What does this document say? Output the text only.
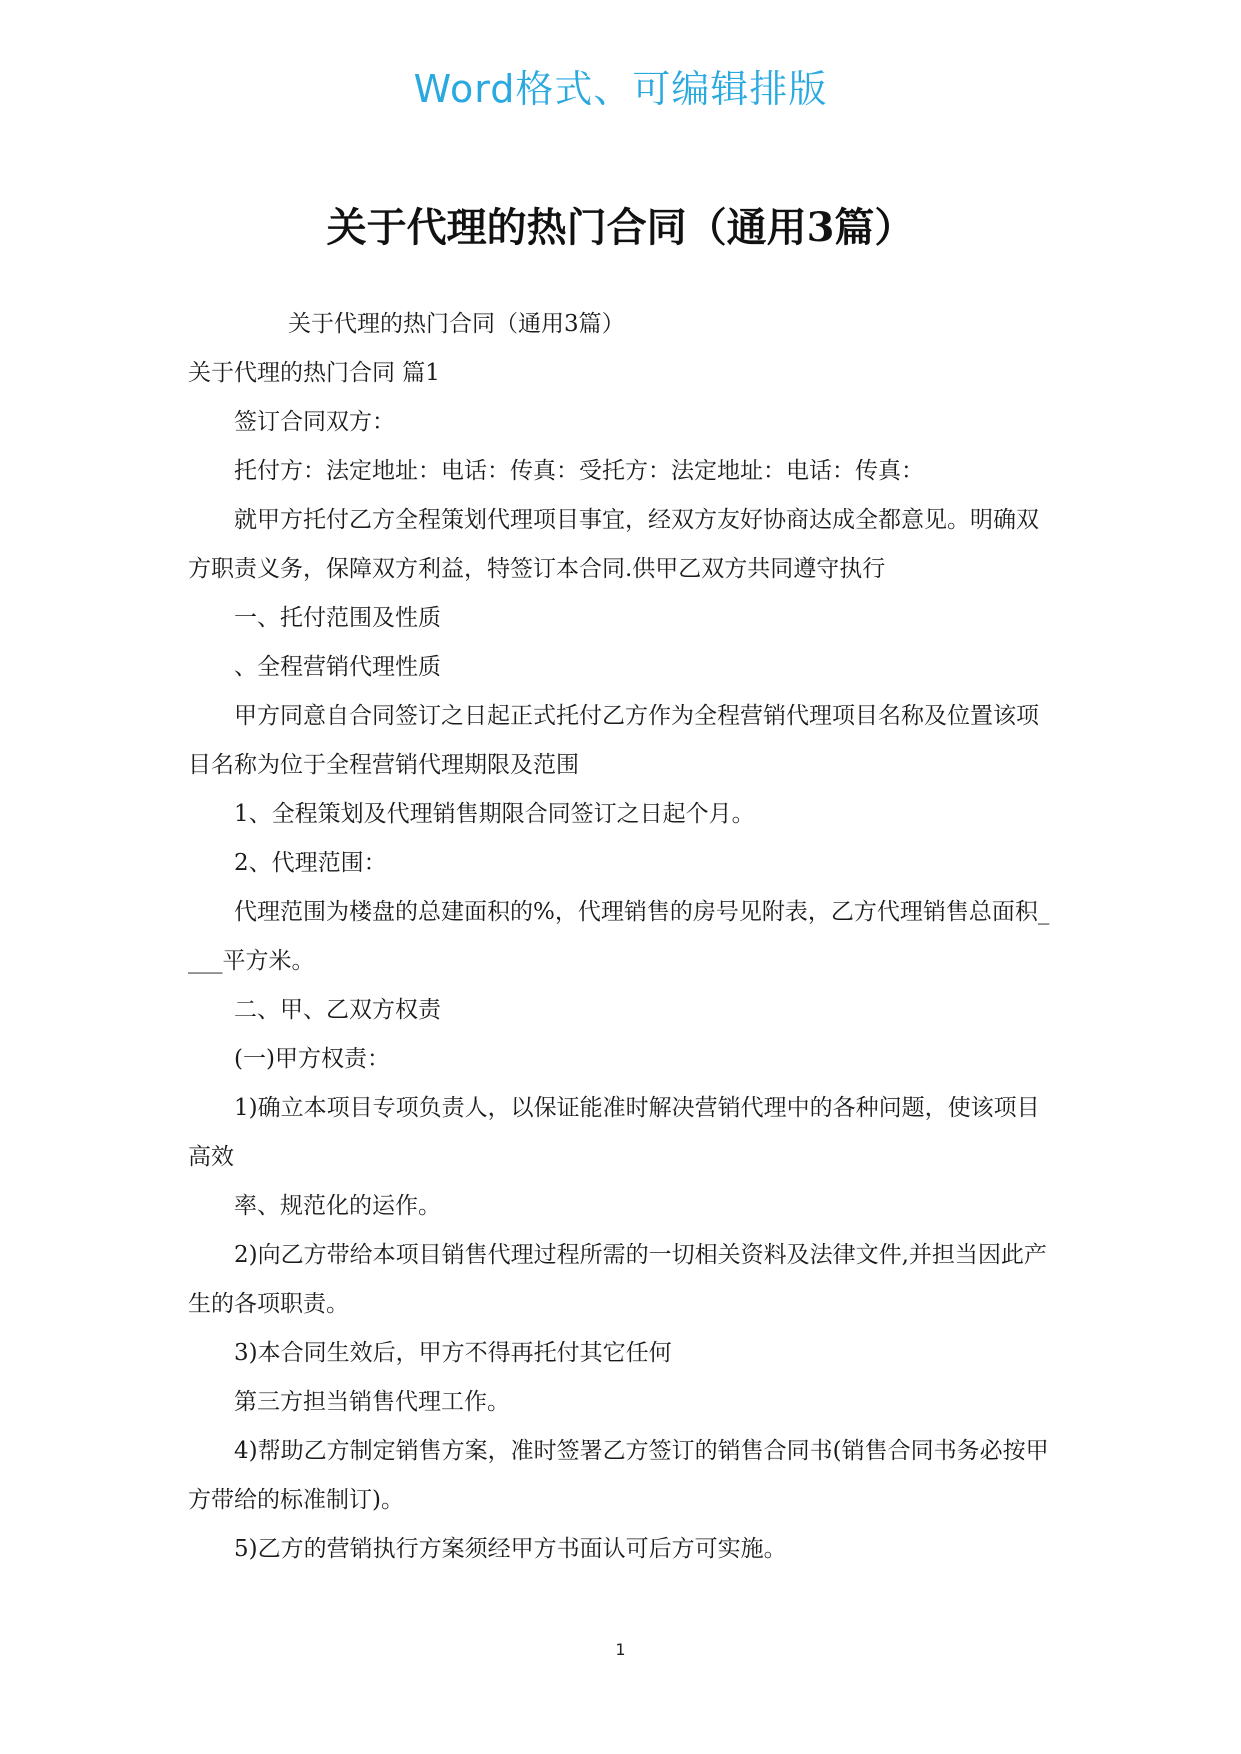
Word格式、可编辑排版
关于代理的热门合同（通用3篇）

关于代理的热门合同（通用3篇）

关于代理的热门合同 篇1

签订合同双方：

托付方：法定地址：电话：传真：受托方：法定地址：电话：传真：

就甲方托付乙方全程策划代理项目事宜，经双方友好协商达成全都意见。明确双方职责义务，保障双方利益，特签订本合同.供甲乙双方共同遵守执行

一、托付范围及性质

、全程营销代理性质

甲方同意自合同签订之日起正式托付乙方作为全程营销代理项目名称及位置该项目名称为位于全程营销代理期限及范围

1、全程策划及代理销售期限合同签订之日起个月。

2、代理范围：

代理范围为楼盘的总建面积的%，代理销售的房号见附表，乙方代理销售总面积____平方米。

二、甲、乙双方权责

(一)甲方权责：

1)确立本项目专项负责人，以保证能准时解决营销代理中的各种问题，使该项目高效

率、规范化的运作。

2)向乙方带给本项目销售代理过程所需的一切相关资料及法律文件,并担当因此产生的各项职责。

3)本合同生效后，甲方不得再托付其它任何

第三方担当销售代理工作。

4)帮助乙方制定销售方案，准时签署乙方签订的销售合同书(销售合同书务必按甲方带给的标准制订)。

5)乙方的营销执行方案须经甲方书面认可后方可实施。

1
